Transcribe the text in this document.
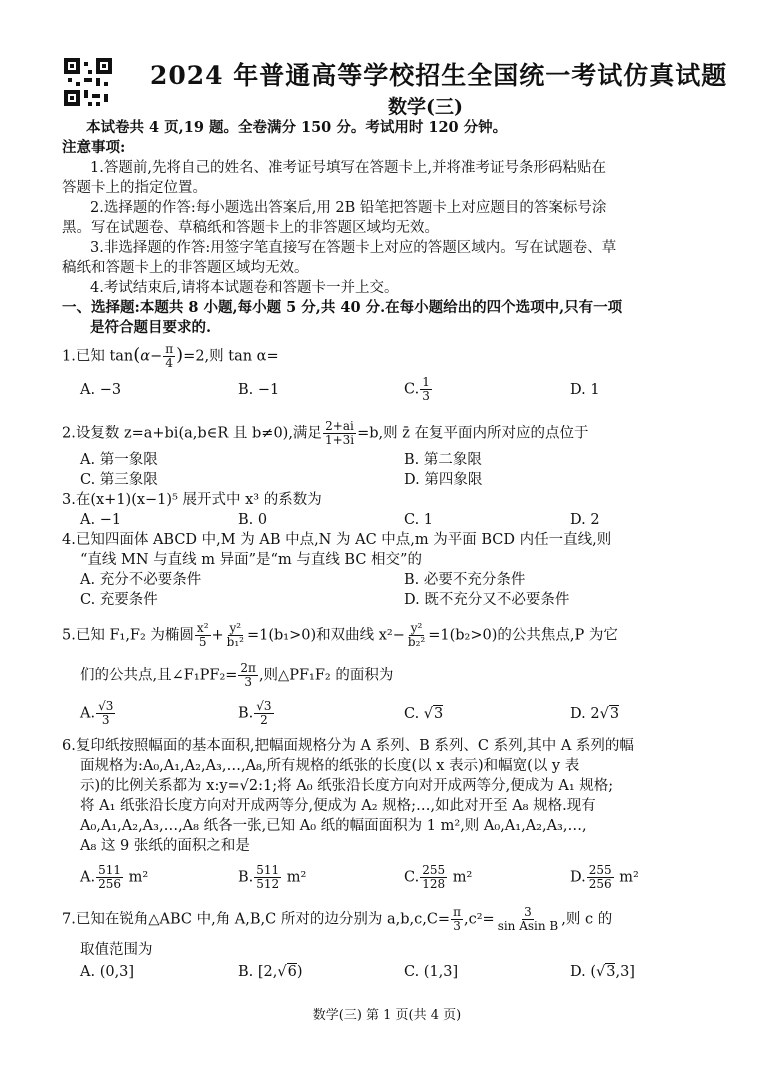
2024 年普通高等学校招生全国统一考试仿真试题
数学(三)
本试卷共 4 页,19 题。全卷满分 150 分。考试用时 120 分钟。
注意事项:
1.答题前,先将自己的姓名、准考证号填写在答题卡上,并将准考证号条形码粘贴在
答题卡上的指定位置。
2.选择题的作答:每小题选出答案后,用 2B 铅笔把答题卡上对应题目的答案标号涂
黑。写在试题卷、草稿纸和答题卡上的非答题区域均无效。
3.非选择题的作答:用签字笔直接写在答题卡上对应的答题区域内。写在试题卷、草
稿纸和答题卡上的非答题区域均无效。
4.考试结束后,请将本试题卷和答题卡一并上交。
一、选择题:本题共 8 小题,每小题 5 分,共 40 分.在每小题给出的四个选项中,只有一项
是符合题目要求的.
1.已知 $\tan(\alpha- \frac{\pi}{4} )=2$,则 tan α=
A. −3	B. −1	C. $\frac{1}{3}$	D. 1
2.设复数 z=a+bi(a,b∈R 且 b≠0),满足 $\frac{2+ai}{1+3i} =b$,则 z̄ 在复平面内所对应的点位于
A. 第一象限	B. 第二象限
C. 第三象限	D. 第四象限
3.在(x+1)(x−1)⁵ 展开式中 x³ 的系数为
A. −1	B. 0	C. 1	D. 2
4.已知四面体 ABCD 中,M 为 AB 中点,N 为 AC 中点,m 为平面 BCD 内任一直线,则
“直线 MN 与直线 m 异面”是“m 与直线 BC 相交”的
A. 充分不必要条件	B. 必要不充分条件
C. 充要条件	D. 既不充分又不必要条件
5.已知 F₁,F₂ 为椭圆 $\frac{\text{x²}}{5} + \frac{\text{y²}}{\text{b₁²}} =1(b_1>0)$和双曲线 $x^2- \frac{\text{y²}}{\text{b₂²}} =1(b_2>0)$的公共焦点,P 为它
们的公共点,且∠F₁PF₂= $\frac{2\pi}{3}$ ,则△PF₁F₂ 的面积为
A. $\frac{√3}{3}$	B. $\frac{√3}{2}$	C. √3	D. 2√3
6.复印纸按照幅面的基本面积,把幅面规格分为 A 系列、B 系列、C 系列,其中 A 系列的幅
面规格为:A₀,A₁,A₂,A₃,…,A₈,所有规格的纸张的长度(以 x 表示)和幅宽(以 y 表
示)的比例关系都为 x:y=√2:1;将 A₀ 纸张沿长度方向对开成两等分,便成为 A₁ 规格;
将 A₁ 纸张沿长度方向对开成两等分,便成为 A₂ 规格;…,如此对开至 A₈ 规格.现有
A₀,A₁,A₂,A₃,…,A₈ 纸各一张,已知 A₀ 纸的幅面面积为 1 m²,则 A₀,A₁,A₂,A₃,…,
A₈ 这 9 张纸的面积之和是
A. $\frac{511}{256} m^2$	B. $\frac{511}{512} m^2$	C. $\frac{255}{128} m^2$	D. $\frac{255}{256} m^2$
7.已知在锐角△ABC 中,角 A,B,C 所对的边分别为 $a,b,c,C= \frac{\pi}{3} ,c^2= \frac{3}{\text{sin Asin B}}$ ,则 c 的
取值范围为
A. (0,3]	B. [2,√6)	C. (1,3]	D. (√3,3]
数学(三) 第 1 页(共 4 页)
